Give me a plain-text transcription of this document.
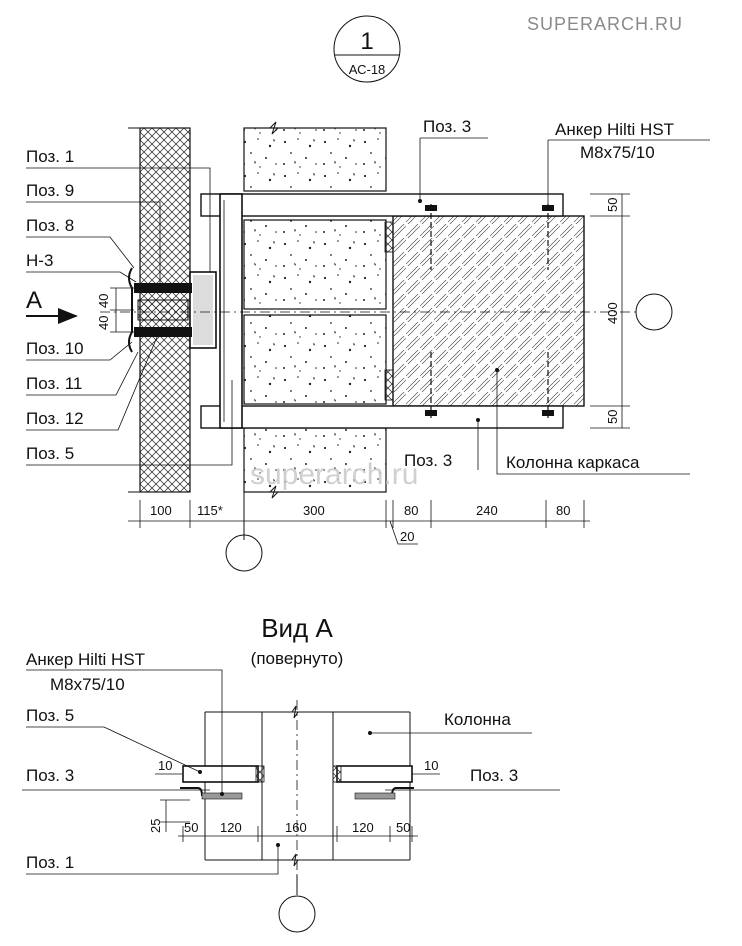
SUPERARCH.RU
1
АС-18
А
Поз. 1
Поз. 9
Поз. 8
Н-3
Поз. 10
Поз. 11
Поз. 12
Поз. 5
40
40
Поз. 3	Анкер Hilti HST
M8x75/10
Поз. 3	Колонна каркаса
50
400
50
100 115*	300	80	240	80
20
superarch.ru
Вид А
(повернуто)
Анкер Hilti HST
M8x75/10
Поз. 5
Поз. 3	Поз. 3
Колонна
Поз. 1
10
25
10
50 120	160	120 50
